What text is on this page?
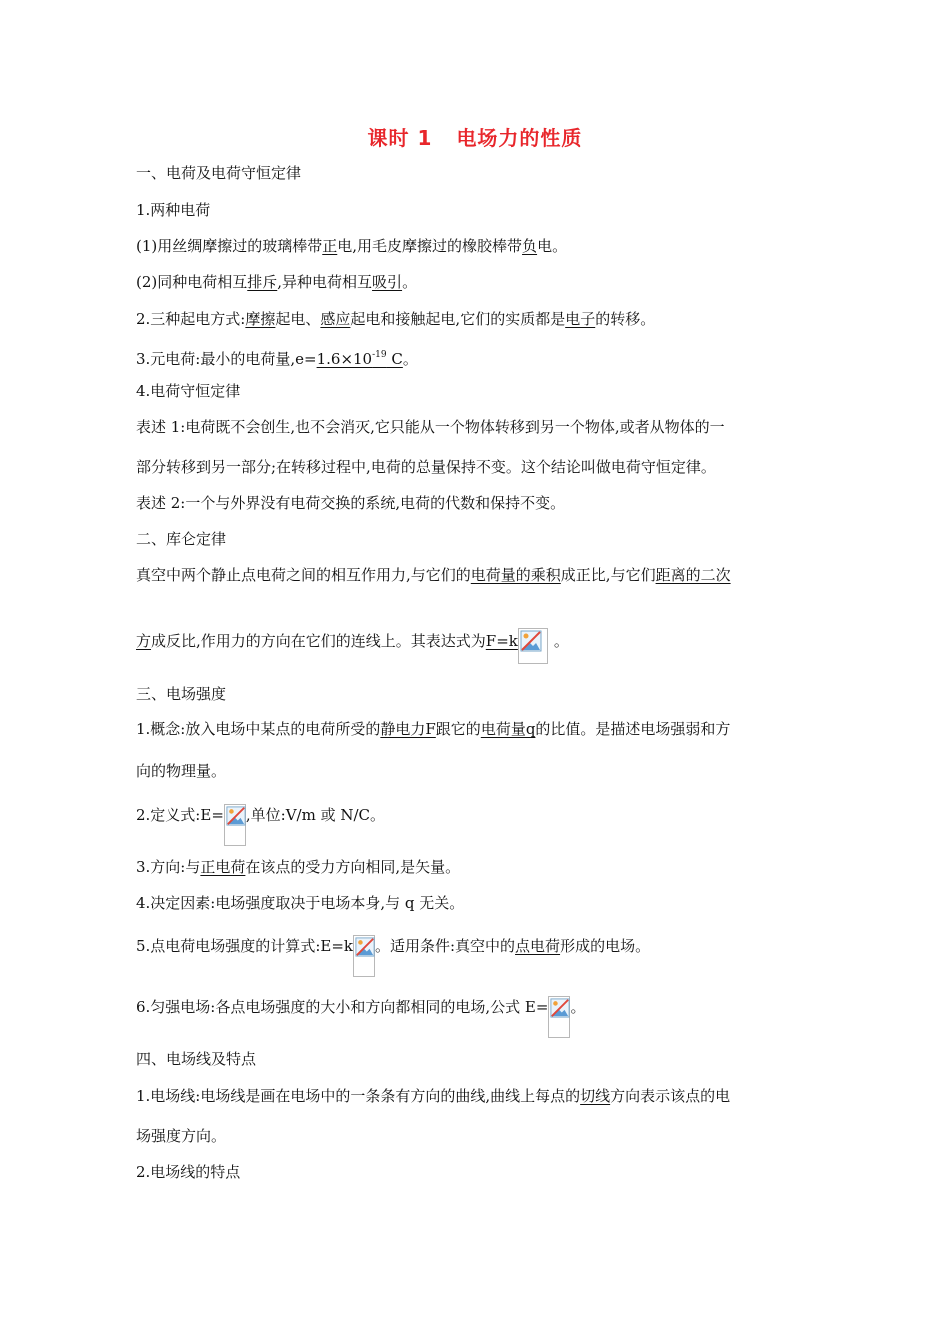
课时 1 电场力的性质
一、电荷及电荷守恒定律
1.两种电荷
(1)用丝绸摩擦过的玻璃棒带正电,用毛皮摩擦过的橡胶棒带负电。
(2)同种电荷相互排斥,异种电荷相互吸引。
2.三种起电方式:摩擦起电、感应起电和接触起电,它们的实质都是电子的转移。
3.元电荷:最小的电荷量$,e=1.6\times 10^{-19}$ C。
4.电荷守恒定律
表述 1:电荷既不会创生,也不会消灭,它只能从一个物体转移到另一个物体,或者从物体的一
部分转移到另一部分;在转移过程中,电荷的总量保持不变。这个结论叫做电荷守恒定律。
表述 2:一个与外界没有电荷交换的系统,电荷的代数和保持不变。
二、库仑定律
真空中两个静止点电荷之间的相互作用力,与它们的电荷量的乘积成正比,与它们距离的二次
方成反比,作用力的方向在它们的连线上。其表达式为F=k 。
三、电场强度
1.概念:放入电场中某点的电荷所受的静电力F跟它的电荷量q的比值。是描述电场强弱和方
向的物理量。
2.定义式:E= ,单位:V/m 或 N/C。
3.方向:与正电荷在该点的受力方向相同,是矢量。
4.决定因素:电场强度取决于电场本身,与 q 无关。
5.点电荷电场强度的计算式:E=k 。适用条件:真空中的点电荷形成的电场。
6.匀强电场:各点电场强度的大小和方向都相同的电场,公式 E= 。
四、电场线及特点
1.电场线:电场线是画在电场中的一条条有方向的曲线,曲线上每点的切线方向表示该点的电
场强度方向。
2.电场线的特点
